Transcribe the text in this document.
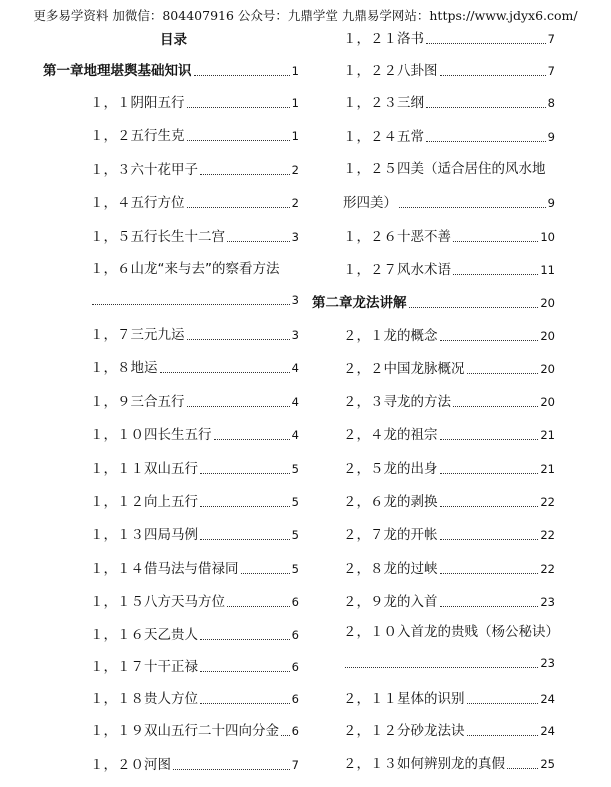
更多易学资料 加微信：804407916 公众号：九鼎学堂 九鼎易学网站：https://www.jdyx6.com/
目录
第一章地理堪舆基础知识	1
１，１阴阳五行	1
１，２五行生克	1
１，３六十花甲子	2
１，４五行方位	2
１，５五行长生十二宫	3
１，６山龙“来与去”的察看方法
3
１，７三元九运	3
１，８地运	4
１，９三合五行	4
１，１０四长生五行	4
１，１１双山五行	5
１，１２向上五行	5
１，１３四局马例	5
１，１４借马法与借禄同	5
１，１５八方天马方位	6
１，１６天乙贵人	6
１，１７十干正禄	6
１，１８贵人方位	6
１，１９双山五行二十四向分金 6
１，２０河图	7
１，２１洛书	7
１，２２八卦图	7
１，２３三纲	8
１，２４五常	9
１，２５四美（适合居住的风水地
形四美）	9
１，２６十恶不善	10
１，２７风水术语	11
第二章龙法讲解	20
２，１龙的概念	20
２，２中国龙脉概况	20
２，３寻龙的方法	20
２，４龙的祖宗	21
２，５龙的出身	21
２，６龙的剥换	22
２，７龙的开帐	22
２，８龙的过峡	22
２，９龙的入首	23
２，１０入首龙的贵贱（杨公秘诀）
23
２，１１星体的识别	24
２，１２分砂龙法诀	24
２，１３如何辨别龙的真假	25
